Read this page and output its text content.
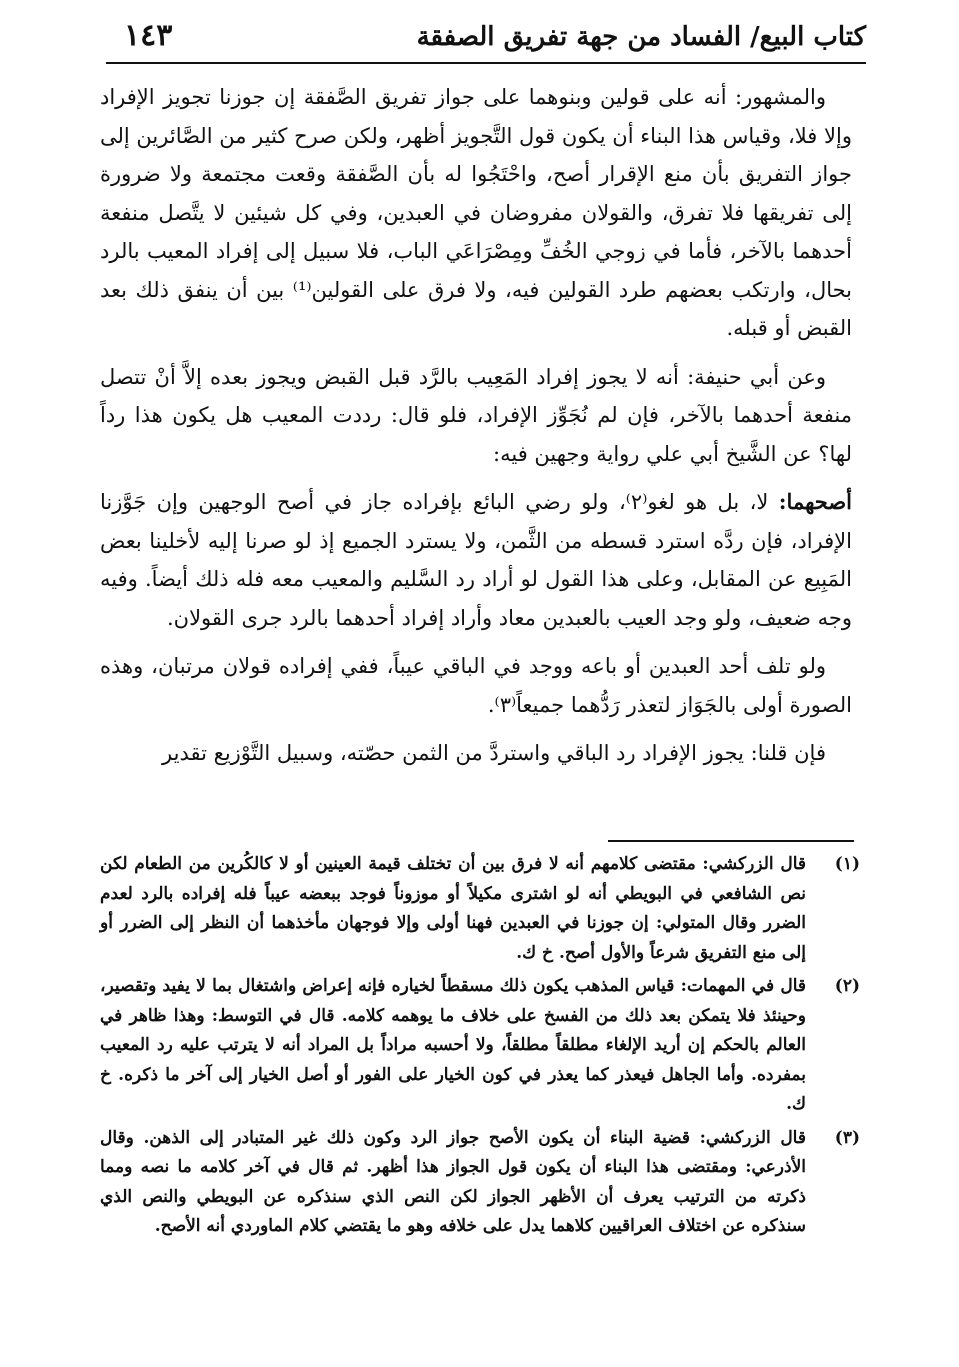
كتاب البيع/ الفساد من جهة تفريق الصفقة
١٤٣

والمشهور: أنه على قولين وبنوهما على جواز تفريق الصَّفقة إن جوزنا تجويز الإفراد وإلا فلا، وقياس هذا البناء أن يكون قول التَّجويز أظهر، ولكن صرح كثير من الصَّائرين إلى جواز التفريق بأن منع الإقرار أصح، واحْتَجُوا له بأن الصَّفقة وقعت مجتمعة ولا ضرورة إلى تفريقها فلا تفرق، والقولان مفروضان في العبدين، وفي كل شيئين لا يتَّصل منفعة أحدهما بالآخر، فأما في زوجي الخُفِّ ومِصْرَاعَي الباب، فلا سبيل إلى إفراد المعيب بالرد بحال، وارتكب بعضهم طرد القولين فيه، ولا فرق على القولين⁽¹⁾ بين أن ينفق ذلك بعد القبض أو قبله.

وعن أبي حنيفة: أنه لا يجوز إفراد المَعِيب بالرَّد قبل القبض ويجوز بعده إلاَّ أنْ تتصل منفعة أحدهما بالآخر، فإن لم نُجَوِّز الإفراد، فلو قال: رددت المعيب هل يكون هذا رداً لها؟ عن الشَّيخ أبي علي رواية وجهين فيه:

أصحهما: لا، بل هو لغو⁽٢⁾، ولو رضي البائع بإفراده جاز في أصح الوجهين وإن جَوَّزنا الإفراد، فإن ردَّه استرد قسطه من الثَّمن، ولا يسترد الجميع إذ لو صرنا إليه لأخلينا بعض المَبِيع عن المقابل، وعلى هذا القول لو أراد رد السَّليم والمعيب معه فله ذلك أيضاً. وفيه وجه ضعيف، ولو وجد العيب بالعبدين معاد وأراد إفراد أحدهما بالرد جرى القولان.

ولو تلف أحد العبدين أو باعه ووجد في الباقي عيباً، ففي إفراده قولان مرتبان، وهذه الصورة أولى بالجَوَاز لتعذر رَدُّهما جميعاً⁽٣⁾.

فإن قلنا: يجوز الإفراد رد الباقي واستردَّ من الثمن حصّته، وسبيل التَّوْزيع تقدير

(١)
قال الزركشي: مقتضى كلامهم أنه لا فرق بين أن تختلف قيمة العينين أو لا كالكُرين من الطعام لكن نص الشافعي في البويطي أنه لو اشترى مكيلاً أو موزوناً فوجد ببعضه عيباً فله إفراده بالرد لعدم الضرر وقال المتولي: إن جوزنا في العبدين فهنا أولى وإلا فوجهان مأخذهما أن النظر إلى الضرر أو إلى منع التفريق شرعاً والأول أصح. خ ك.
(٢)
قال في المهمات: قياس المذهب يكون ذلك مسقطاً لخياره فإنه إعراض واشتغال بما لا يفيد وتقصير، وحينئذ فلا يتمكن بعد ذلك من الفسخ على خلاف ما يوهمه كلامه. قال في التوسط: وهذا ظاهر في العالم بالحكم إن أريد الإلغاء مطلقاً مطلقاً، ولا أحسبه مراداً بل المراد أنه لا يترتب عليه رد المعيب بمفرده. وأما الجاهل فيعذر كما يعذر في كون الخيار على الفور أو أصل الخيار إلى آخر ما ذكره. خ ك.
(٣)
قال الزركشي: قضية البناء أن يكون الأصح جواز الرد وكون ذلك غير المتبادر إلى الذهن. وقال الأذرعي: ومقتضى هذا البناء أن يكون قول الجواز هذا أظهر. ثم قال في آخر كلامه ما نصه ومما ذكرته من الترتيب يعرف أن الأظهر الجواز لكن النص الذي سنذكره عن البويطي والنص الذي سنذكره عن اختلاف العراقيين كلاهما يدل على خلافه وهو ما يقتضي كلام الماوردي أنه الأصح.
